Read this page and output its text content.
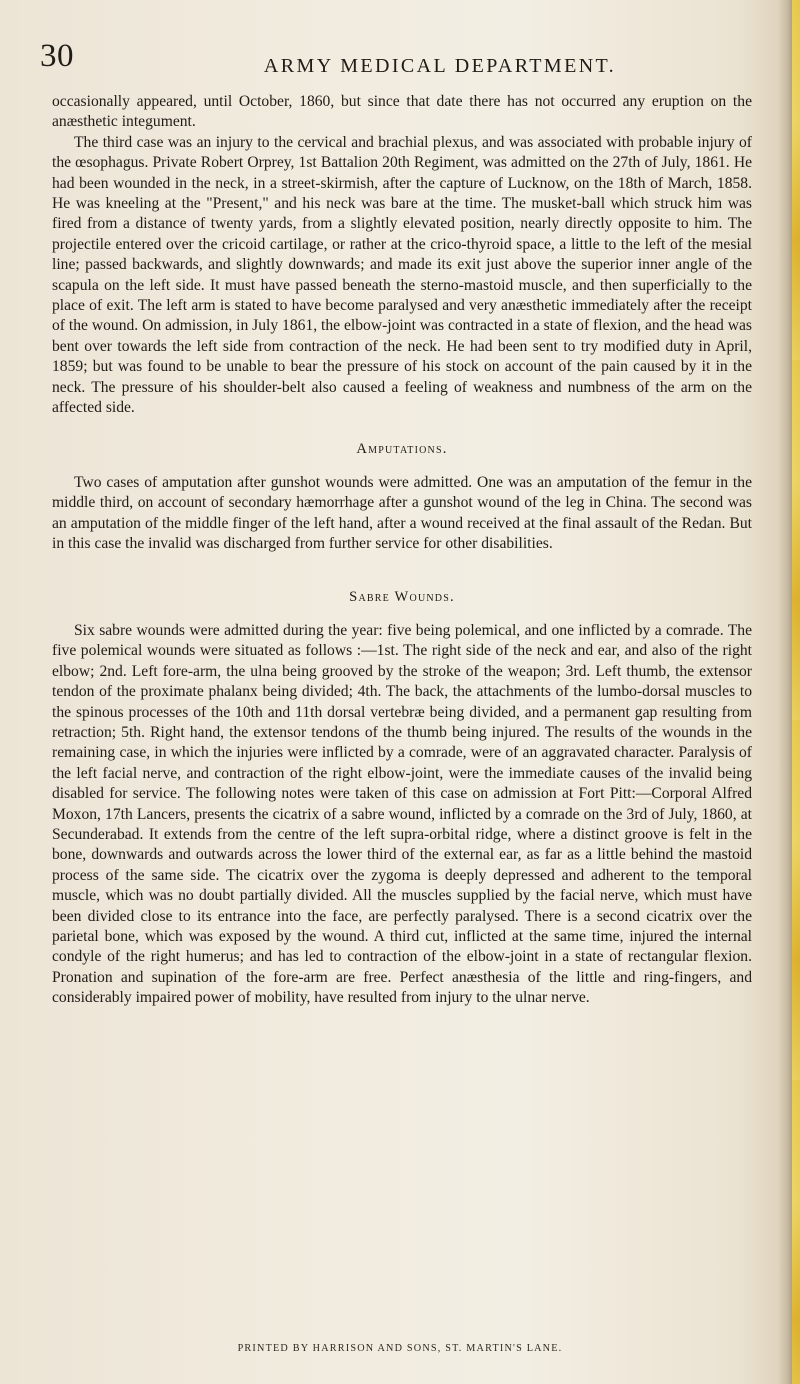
30	ARMY MEDICAL DEPARTMENT.

occasionally appeared, until October, 1860, but since that date there has not occurred any eruption on the anæsthetic integument.

The third case was an injury to the cervical and brachial plexus, and was associated with probable injury of the œsophagus. Private Robert Orprey, 1st Battalion 20th Regiment, was admitted on the 27th of July, 1861. He had been wounded in the neck, in a street-skirmish, after the capture of Lucknow, on the 18th of March, 1858. He was kneeling at the "Present," and his neck was bare at the time. The musket-ball which struck him was fired from a distance of twenty yards, from a slightly elevated position, nearly directly opposite to him. The projectile entered over the cricoid cartilage, or rather at the crico-thyroid space, a little to the left of the mesial line; passed backwards, and slightly downwards; and made its exit just above the superior inner angle of the scapula on the left side. It must have passed beneath the sterno-mastoid muscle, and then superficially to the place of exit. The left arm is stated to have become paralysed and very anæsthetic immediately after the receipt of the wound. On admission, in July 1861, the elbow-joint was contracted in a state of flexion, and the head was bent over towards the left side from contraction of the neck. He had been sent to try modified duty in April, 1859; but was found to be unable to bear the pressure of his stock on account of the pain caused by it in the neck. The pressure of his shoulder-belt also caused a feeling of weakness and numbness of the arm on the affected side.

Amputations.

Two cases of amputation after gunshot wounds were admitted. One was an amputation of the femur in the middle third, on account of secondary hæmorrhage after a gunshot wound of the leg in China. The second was an amputation of the middle finger of the left hand, after a wound received at the final assault of the Redan. But in this case the invalid was discharged from further service for other disabilities.

Sabre Wounds.

Six sabre wounds were admitted during the year: five being polemical, and one inflicted by a comrade. The five polemical wounds were situated as follows :—1st. The right side of the neck and ear, and also of the right elbow; 2nd. Left fore-arm, the ulna being grooved by the stroke of the weapon; 3rd. Left thumb, the extensor tendon of the proximate phalanx being divided; 4th. The back, the attachments of the lumbo-dorsal muscles to the spinous processes of the 10th and 11th dorsal vertebræ being divided, and a permanent gap resulting from retraction; 5th. Right hand, the extensor tendons of the thumb being injured. The results of the wounds in the remaining case, in which the injuries were inflicted by a comrade, were of an aggravated character. Paralysis of the left facial nerve, and contraction of the right elbow-joint, were the immediate causes of the invalid being disabled for service. The following notes were taken of this case on admission at Fort Pitt:—Corporal Alfred Moxon, 17th Lancers, presents the cicatrix of a sabre wound, inflicted by a comrade on the 3rd of July, 1860, at Secunderabad. It extends from the centre of the left supra-orbital ridge, where a distinct groove is felt in the bone, downwards and outwards across the lower third of the external ear, as far as a little behind the mastoid process of the same side. The cicatrix over the zygoma is deeply depressed and adherent to the temporal muscle, which was no doubt partially divided. All the muscles supplied by the facial nerve, which must have been divided close to its entrance into the face, are perfectly paralysed. There is a second cicatrix over the parietal bone, which was exposed by the wound. A third cut, inflicted at the same time, injured the internal condyle of the right humerus; and has led to contraction of the elbow-joint in a state of rectangular flexion. Pronation and supination of the fore-arm are free. Perfect anæsthesia of the little and ring-fingers, and considerably impaired power of mobility, have resulted from injury to the ulnar nerve.

PRINTED BY HARRISON AND SONS, ST. MARTIN'S LANE.
